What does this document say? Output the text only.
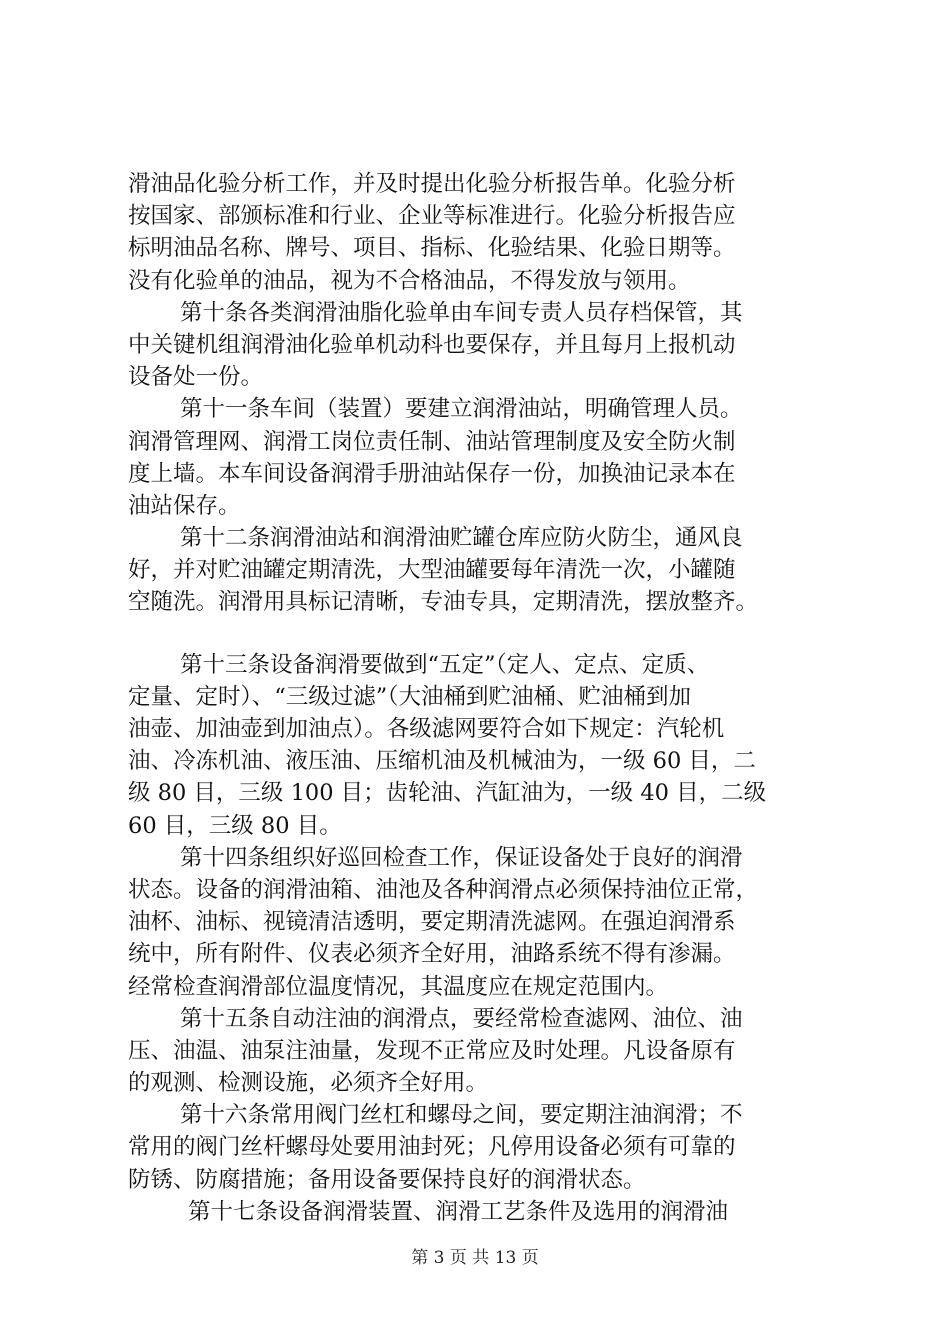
滑油品化验分析工作，并及时提出化验分析报告单。化验分析
按国家、部颁标准和行业、企业等标准进行。化验分析报告应
标明油品名称、牌号、项目、指标、化验结果、化验日期等。
没有化验单的油品，视为不合格油品，不得发放与领用。
第十条各类润滑油脂化验单由车间专责人员存档保管，其
中关键机组润滑油化验单机动科也要保存，并且每月上报机动
设备处一份。
第十一条车间（装置）要建立润滑油站，明确管理人员。
润滑管理网、润滑工岗位责任制、油站管理制度及安全防火制
度上墙。本车间设备润滑手册油站保存一份，加换油记录本在
油站保存。
第十二条润滑油站和润滑油贮罐仓库应防火防尘，通风良
好，并对贮油罐定期清洗，大型油罐要每年清洗一次，小罐随
空随洗。润滑用具标记清晰，专油专具，定期清洗，摆放整齐。
第十三条设备润滑要做到“五定”（定人、定点、定质、
定量、定时）、“三级过滤”（大油桶到贮油桶、贮油桶到加
油壶、加油壶到加油点）。各级滤网要符合如下规定：汽轮机
油、冷冻机油、液压油、压缩机油及机械油为，一级 60 目，二
级 80 目，三级 100 目；齿轮油、汽缸油为，一级 40 目，二级
60 目，三级 80 目。
第十四条组织好巡回检查工作，保证设备处于良好的润滑
状态。设备的润滑油箱、油池及各种润滑点必须保持油位正常，
油杯、油标、视镜清洁透明，要定期清洗滤网。在强迫润滑系
统中，所有附件、仪表必须齐全好用，油路系统不得有渗漏。
经常检查润滑部位温度情况，其温度应在规定范围内。
第十五条自动注油的润滑点，要经常检查滤网、油位、油
压、油温、油泵注油量，发现不正常应及时处理。凡设备原有
的观测、检测设施，必须齐全好用。
第十六条常用阀门丝杠和螺母之间，要定期注油润滑；不
常用的阀门丝杆螺母处要用油封死；凡停用设备必须有可靠的
防锈、防腐措施；备用设备要保持良好的润滑状态。
第十七条设备润滑装置、润滑工艺条件及选用的润滑油
第 3 页 共 13 页
